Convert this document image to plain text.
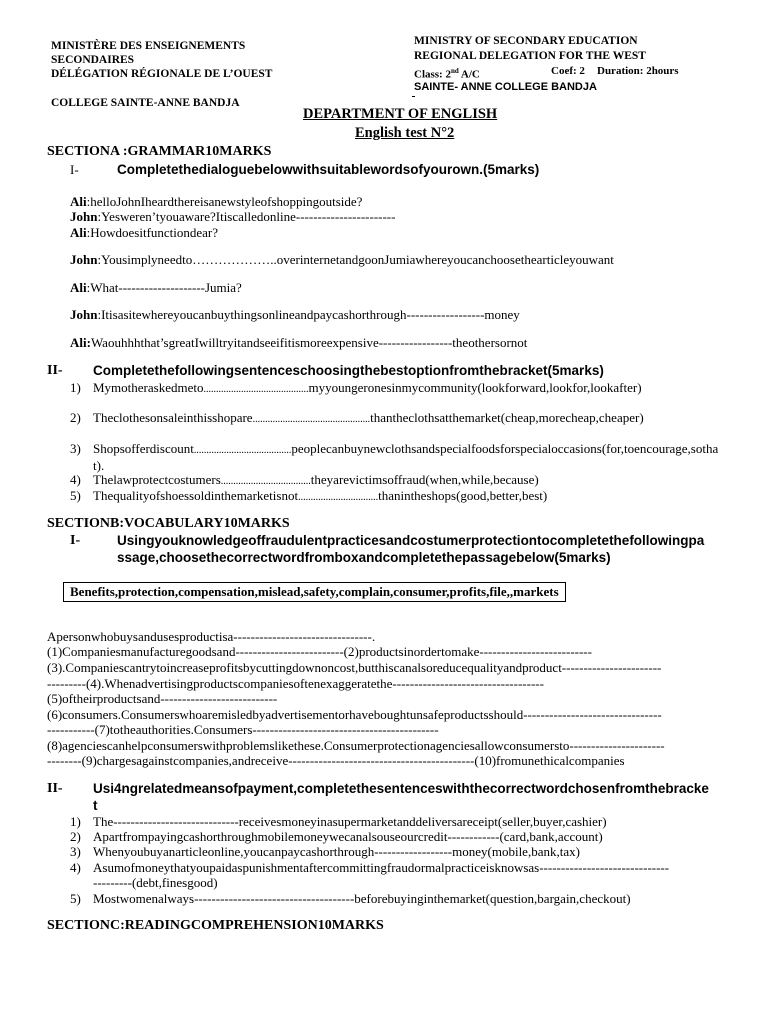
MINISTÈRE DES ENSEIGNEMENTS
SECONDAIRES
DÉLÉGATION RÉGIONALE DE L’OUEST
COLLEGE SAINTE-ANNE BANDJA
MINISTRY OF SECONDARY EDUCATION
REGIONAL DELEGATION FOR THE WEST
Class: 2nd A/C	Coef: 2 Duration: 2hours
SAINTE- ANNE COLLEGE BANDJA
DEPARTMENT OF ENGLISH
English test N°2
SECTIONA :GRAMMAR10MARKS
I-	Completethedialoguebelowwithsuitablewordsofyourown.(5marks)
Ali:helloJohnIheardthereisanewstyleofshoppingoutside?
John:Yesweren’tyouaware?Itiscalledonline-----------------------
Ali:Howdoesitfunctiondear?
John:Yousimplyneedto………………..overinternetandgoonJumiawhereyoucanchoosethearticleyouwant
Ali:What--------------------Jumia?
John:Itisasitewhereyoucanbuythingsonlineandpaycashorthrough------------------money
Ali:Waouhhhthat’sgreatIwilltryitandseeifitismoreexpensive-----------------theothersornot
II- Completethefollowingsentenceschoosingthebestoptionfromthebracket(5marks)
1) Mymotheraskedmeto..........................................myyoungeronesinmycommunity(lookforward,lookfor,lookafter)
2) Theclothesonsaleinthisshopare...............................................thantheclothsatthemarket(cheap,morecheap,cheaper)
3) Shopsofferdiscount.......................................peoplecanbuynewclothsandspecialfoodsforspecialoccasions(for,toencourage,sothat).
4) Thelawprotectcostumers....................................theyarevictimsoffraud(when,while,because)
5) Thequalityofshoessoldinthemarketisnot................................thanintheshops(good,better,best)
SECTIONB:VOCABULARY10MARKS
I-	Usingyouknowledgeoffraudulentpracticesandcostumerprotectiontocompletethefollowingpa
ssage,choosethecorrectwordfromboxandcompletethepassagebelow(5marks)
Benefits,protection,compensation,mislead,safety,complain,consumer,profits,file,,markets
Apersonwhobuysandusesproductisa--------------------------------.
(1)Companiesmanufacturegoodsand-------------------------(2)productsinordertomake--------------------------
(3).Companiescantrytoincreaseprofitsbycuttingdownoncost,butthiscanalsoreducequalityandproduct-----------------------
---------(4).Whenadvertisingproductscompaniesoftenexaggeratethe-----------------------------------
(5)oftheirproductsand---------------------------
(6)consumers.Consumerswhoaremisledbyadvertisementorhaveboughtunsafeproductsshould--------------------------------
-----------(7)totheauthorities.Consumers-------------------------------------------
(8)agenciescanhelpconsumerswithproblemslikethese.Consumerprotectionagenciesallowconsumersto----------------------
--------(9)chargesagainstcompanies,andreceive-------------------------------------------(10)fromunethicalcompanies
II- Usi4ngrelatedmeansofpayment,completethesentenceswiththecorrectwordchosenfromthebracke
t
1) The-----------------------------receivesmoneyinasupermarketanddeliversareceipt(seller,buyer,cashier)
2) Apartfrompayingcashorthroughmobilemoneywecanalsouseourcredit------------(card,bank,account)
3) Whenyoubuyanarticleonline,youcanpaycashorthrough------------------money(mobile,bank,tax)
4) Asumofmoneythatyoupaidaspunishmentaftercommittingfraudormalpracticeisknowsas------------------------------
---------(debt,finesgood)
5) Mostwomenalways-------------------------------------beforebuyinginthemarket(question,bargain,checkout)
SECTIONC:READINGCOMPREHENSION10MARKS
